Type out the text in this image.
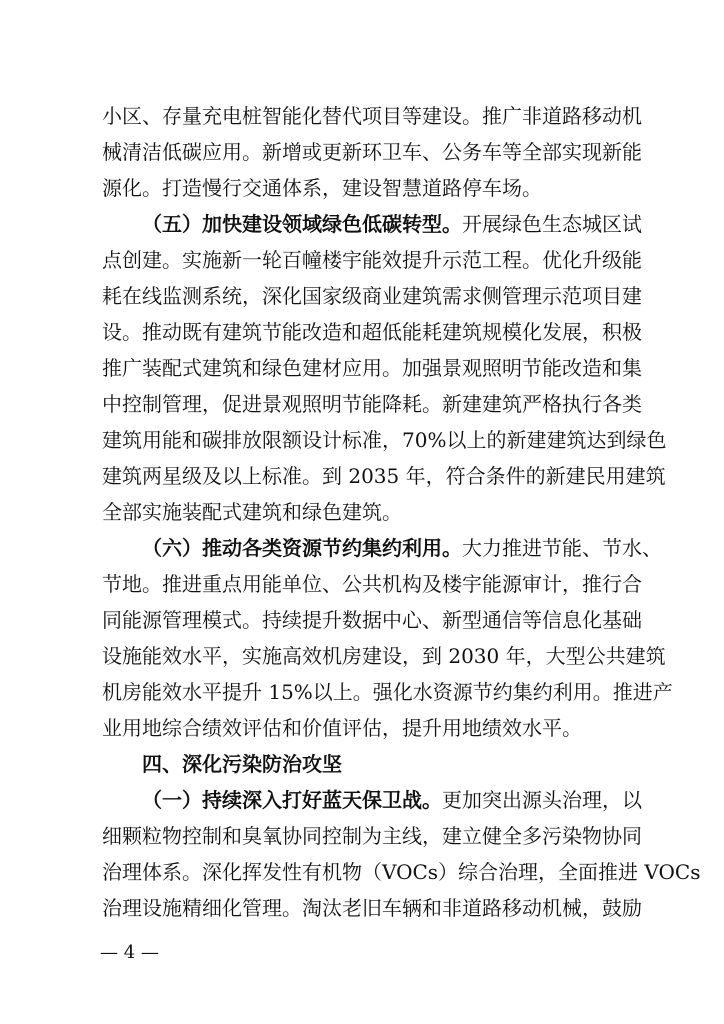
小区、存量充电桩智能化替代项目等建设。推广非道路移动机
械清洁低碳应用。新增或更新环卫车、公务车等全部实现新能
源化。打造慢行交通体系，建设智慧道路停车场。
（五）加快建设领域绿色低碳转型。开展绿色生态城区试
点创建。实施新一轮百幢楼宇能效提升示范工程。优化升级能
耗在线监测系统，深化国家级商业建筑需求侧管理示范项目建
设。推动既有建筑节能改造和超低能耗建筑规模化发展，积极
推广装配式建筑和绿色建材应用。加强景观照明节能改造和集
中控制管理，促进景观照明节能降耗。新建建筑严格执行各类
建筑用能和碳排放限额设计标准，70%以上的新建建筑达到绿色
建筑两星级及以上标准。到 2035 年，符合条件的新建民用建筑
全部实施装配式建筑和绿色建筑。
（六）推动各类资源节约集约利用。大力推进节能、节水、
节地。推进重点用能单位、公共机构及楼宇能源审计，推行合
同能源管理模式。持续提升数据中心、新型通信等信息化基础
设施能效水平，实施高效机房建设，到 2030 年，大型公共建筑
机房能效水平提升 15%以上。强化水资源节约集约利用。推进产
业用地综合绩效评估和价值评估，提升用地绩效水平。
四、深化污染防治攻坚
（一）持续深入打好蓝天保卫战。更加突出源头治理，以
细颗粒物控制和臭氧协同控制为主线，建立健全多污染物协同
治理体系。深化挥发性有机物（VOCs）综合治理，全面推进 VOCs
治理设施精细化管理。淘汰老旧车辆和非道路移动机械，鼓励
— 4 —
